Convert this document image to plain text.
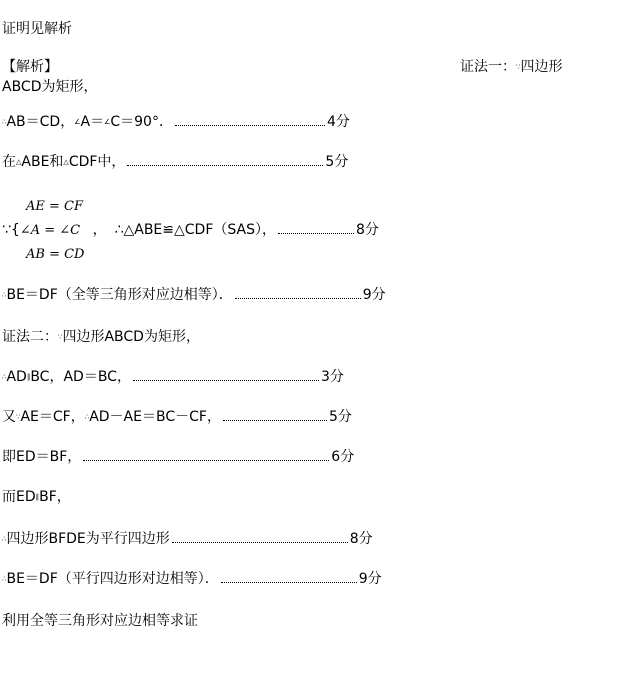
证明见解析
【解析】	证法一：∵四边形
ABCD为矩形，
∴AB＝CD，∠A＝∠C＝90°．	4分
在△ABE和△CDF中，	5分
AE = CF
AB = CD
∵{∠A = ∠C ， ∴△ABE≌△CDF（SAS），	8分
∴BE＝DF（全等三角形对应边相等）．	9分
证法二：∵四边形ABCD为矩形，
∴AD∥BC，AD＝BC，	3分
又∵AE＝CF，∴AD－AE＝BC－CF，	5分
即ED＝BF，	6分
而ED∥BF，
∴四边形BFDE为平行四边形	8分
∴BE＝DF（平行四边形对边相等）．	9分
利用全等三角形对应边相等求证
